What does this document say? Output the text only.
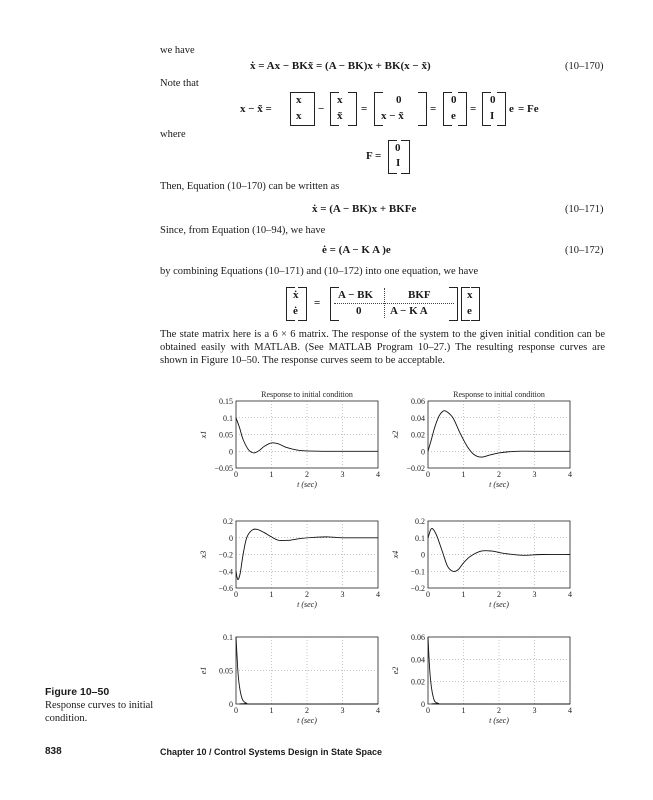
we have
ẋ = Ax − BKx̃ = (A − BK)x + BK(x − x̃)	(10–170)
Note that
x − x̃ =
x
x
−
x
x̃
=
0
x − x̃
=
0
e
=
0
I
e = Fe
where
F =
0
I
Then, Equation (10–170) can be written as
ẋ = (A − BK)x + BKFe	(10–171)
Since, from Equation (10–94), we have
ė = (A − K A )e	(10–172)
by combining Equations (10–171) and (10–172) into one equation, we have
ẋ
ė
=
A − BK	BKF
0	A − K A
x
e
The state matrix here is a 6 × 6 matrix. The response of the system to the given initial condition can be obtained easily with MATLAB. (See MATLAB Program 10–27.) The resulting response curves are shown in Figure 10–50. The response curves seem to be acceptable.
0	1	2	3	4
0.15
0.1
0.05
0
−0.05
Response to initial condition
t (sec)
x1
0	1	2	3	4
0.06
0.04
0.02
0
−0.02
Response to initial condition
t (sec)
x2
0	1	2	3	4
0.2
0
−0.2
−0.4
−0.6
t (sec)
x3
0	1	2	3	4
0.2
0.1
0
−0.1
−0.2
t (sec)
x4
0	1	2	3	4
0.1
0.05
0
t (sec)
e1
0	1	2	3	4
0.06
0.04
0.02
0
t (sec)
e2
Figure 10–50
Response curves to initial condition.
838	Chapter 10 / Control Systems Design in State Space
